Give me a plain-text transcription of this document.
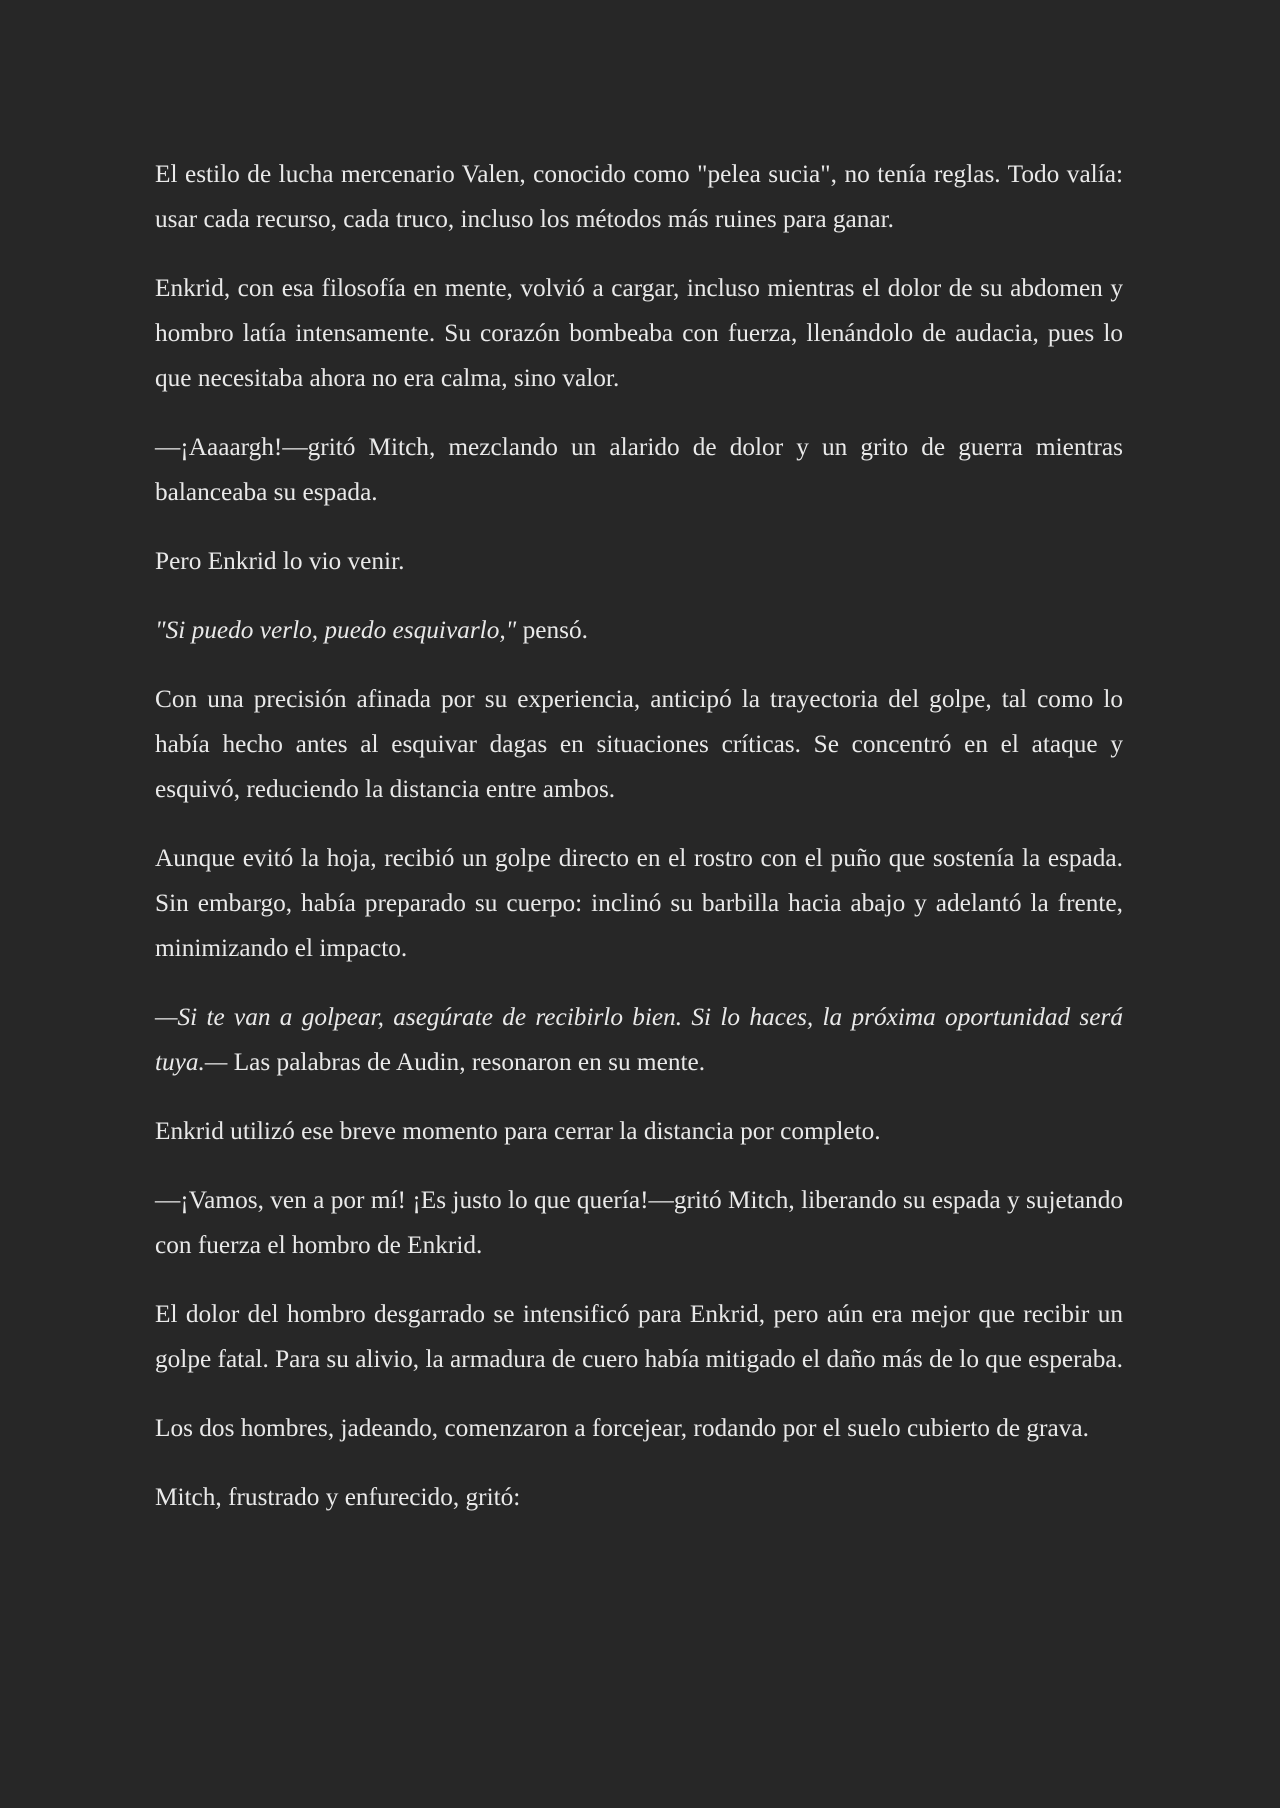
El estilo de lucha mercenario Valen, conocido como "pelea sucia", no tenía reglas. Todo valía: usar cada recurso, cada truco, incluso los métodos más ruines para ganar.

Enkrid, con esa filosofía en mente, volvió a cargar, incluso mientras el dolor de su abdomen y hombro latía intensamente. Su corazón bombeaba con fuerza, llenándolo de audacia, pues lo que necesitaba ahora no era calma, sino valor.

—¡Aaaargh!—gritó Mitch, mezclando un alarido de dolor y un grito de guerra mientras balanceaba su espada.

Pero Enkrid lo vio venir.

"Si puedo verlo, puedo esquivarlo," pensó.

Con una precisión afinada por su experiencia, anticipó la trayectoria del golpe, tal como lo había hecho antes al esquivar dagas en situaciones críticas. Se concentró en el ataque y esquivó, reduciendo la distancia entre ambos.

Aunque evitó la hoja, recibió un golpe directo en el rostro con el puño que sostenía la espada. Sin embargo, había preparado su cuerpo: inclinó su barbilla hacia abajo y adelantó la frente, minimizando el impacto.

—Si te van a golpear, asegúrate de recibirlo bien. Si lo haces, la próxima oportunidad será tuya.— Las palabras de Audin, resonaron en su mente.

Enkrid utilizó ese breve momento para cerrar la distancia por completo.

—¡Vamos, ven a por mí! ¡Es justo lo que quería!—gritó Mitch, liberando su espada y sujetando con fuerza el hombro de Enkrid.

El dolor del hombro desgarrado se intensificó para Enkrid, pero aún era mejor que recibir un golpe fatal. Para su alivio, la armadura de cuero había mitigado el daño más de lo que esperaba.

Los dos hombres, jadeando, comenzaron a forcejear, rodando por el suelo cubierto de grava.

Mitch, frustrado y enfurecido, gritó:
